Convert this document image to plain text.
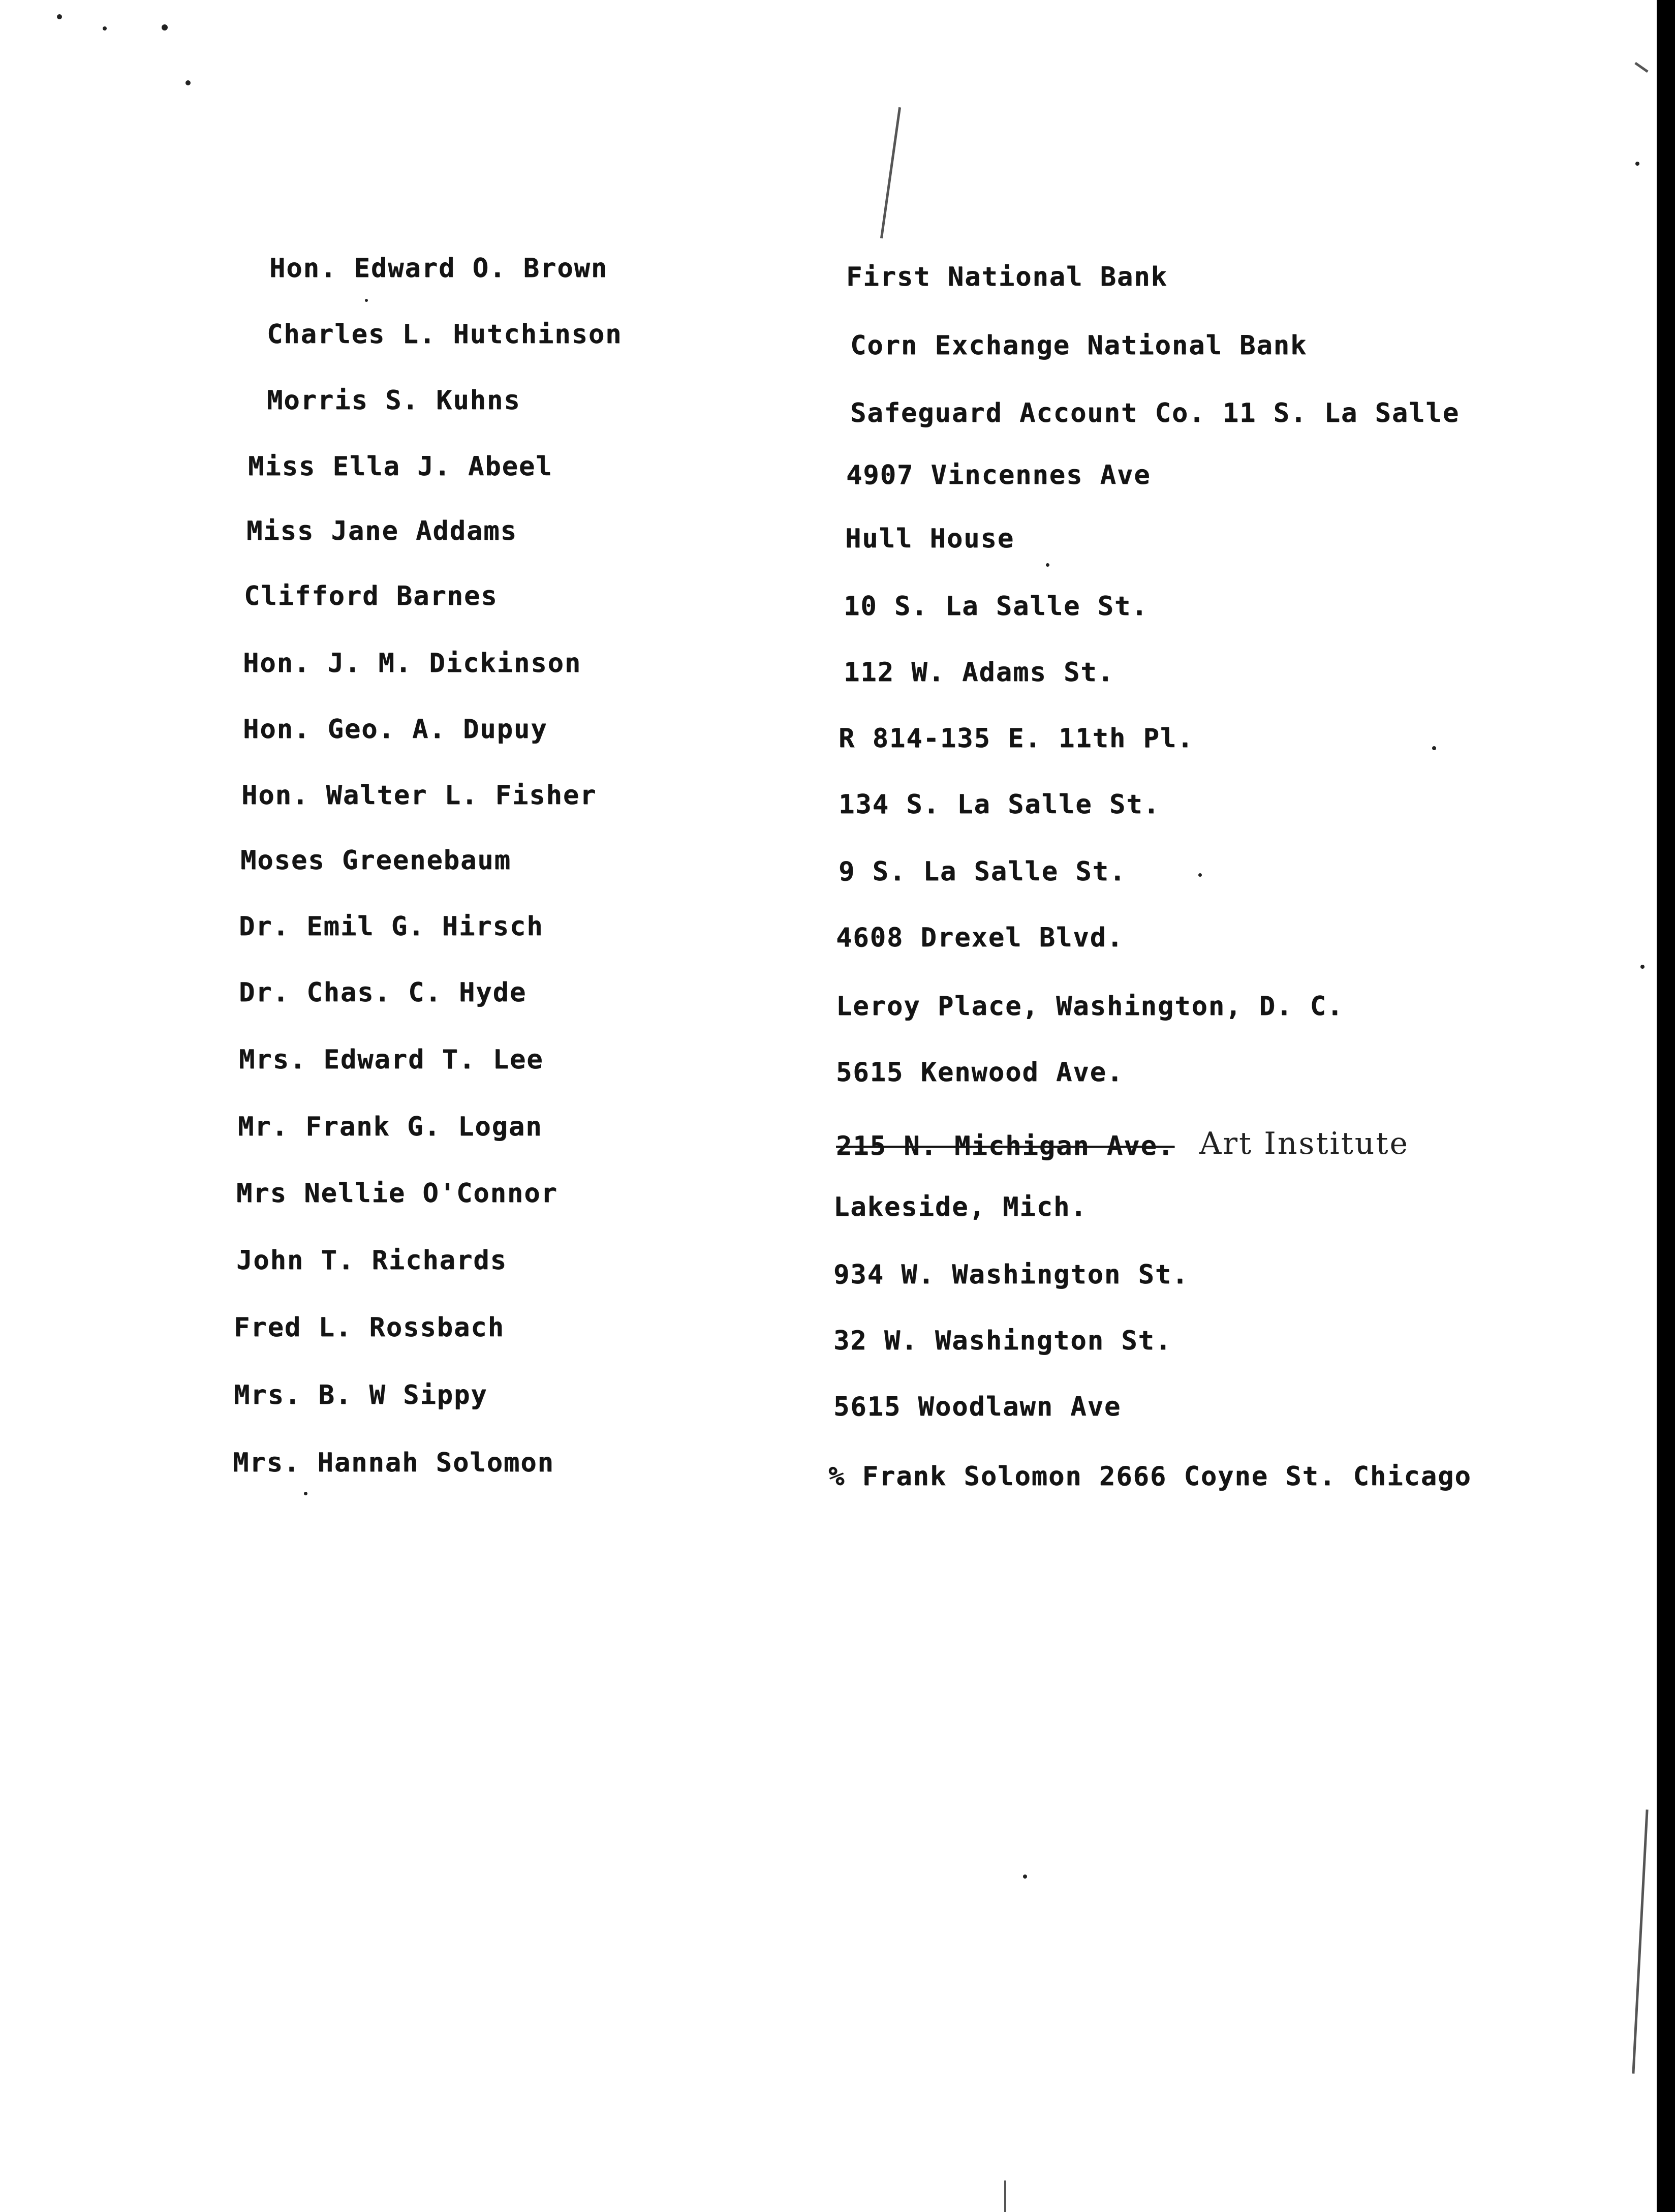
Hon. Edward O. Brown
Charles L. Hutchinson
Morris S. Kuhns
Miss Ella J. Abeel
Miss Jane Addams
Clifford Barnes
Hon. J. M. Dickinson
Hon. Geo. A. Dupuy
Hon. Walter L. Fisher
Moses Greenebaum
Dr. Emil G. Hirsch
Dr. Chas. C. Hyde
Mrs. Edward T. Lee
Mr. Frank G. Logan
Mrs Nellie O'Connor
John T. Richards
Fred L. Rossbach
Mrs. B. W Sippy
Mrs. Hannah Solomon
First National Bank
Corn Exchange National Bank
Safeguard Account Co. 11 S. La Salle
4907 Vincennes Ave
Hull House
10 S. La Salle St.
112 W. Adams St.
R 814-135 E. 11th Pl.
134 S. La Salle St.
9 S. La Salle St.
4608 Drexel Blvd.
Leroy Place, Washington, D. C.
5615 Kenwood Ave.
215 N. Michigan Ave. Art Institute
Lakeside, Mich.
934 W. Washington St.
32 W. Washington St.
5615 Woodlawn Ave
% Frank Solomon 2666 Coyne St. Chicago
